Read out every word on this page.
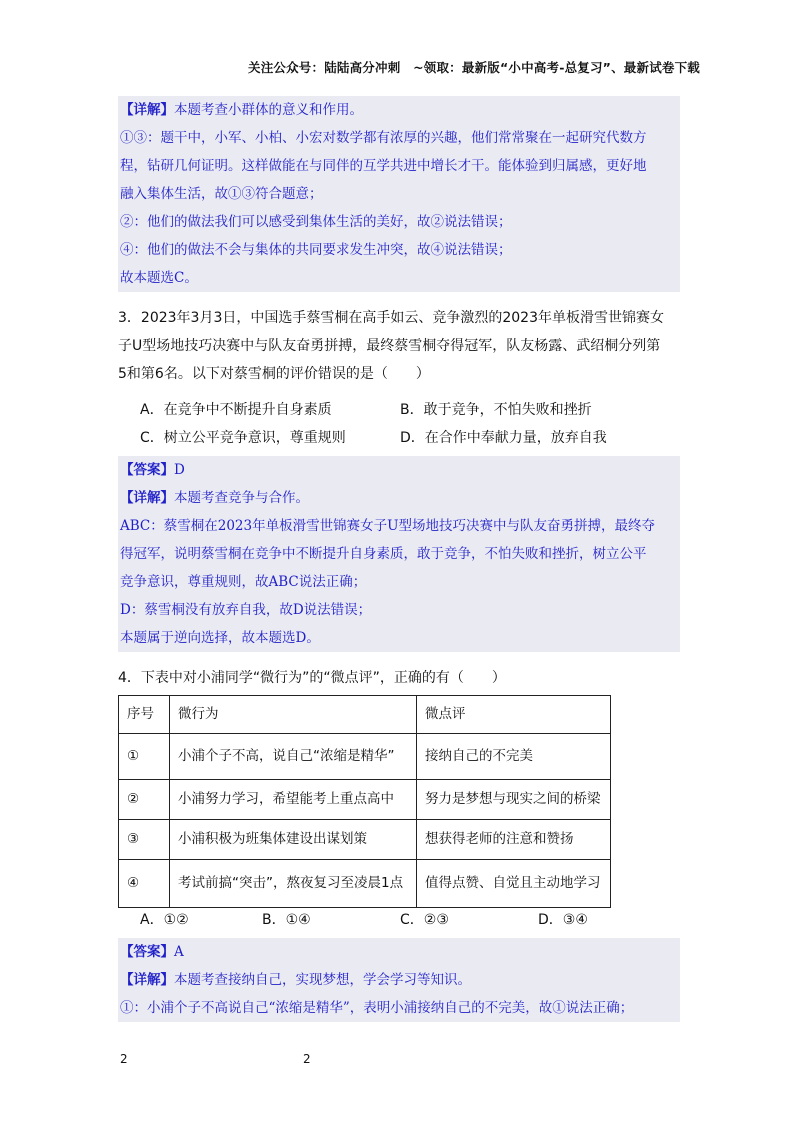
关注公众号：陆陆高分冲刺　~领取：最新版“小中高考-总复习”、最新试卷下载
【详解】本题考查小群体的意义和作用。
①③：题干中，小军、小柏、小宏对数学都有浓厚的兴趣，他们常常聚在一起研究代数方
程，钻研几何证明。这样做能在与同伴的互学共进中增长才干。能体验到归属感，更好地
融入集体生活，故①③符合题意；
②：他们的做法我们可以感受到集体生活的美好，故②说法错误；
④：他们的做法不会与集体的共同要求发生冲突，故④说法错误；
故本题选C。
3．2023年3月3日，中国选手蔡雪桐在高手如云、竞争激烈的2023年单板滑雪世锦赛女
子U型场地技巧决赛中与队友奋勇拼搏，最终蔡雪桐夺得冠军，队友杨露、武绍桐分列第
5和第6名。以下对蔡雪桐的评价错误的是（　　）
A．在竞争中不断提升自身素质	B．敢于竞争，不怕失败和挫折
C．树立公平竞争意识，尊重规则	D．在合作中奉献力量，放弃自我
【答案】D
【详解】本题考查竞争与合作。
ABC：蔡雪桐在2023年单板滑雪世锦赛女子U型场地技巧决赛中与队友奋勇拼搏，最终夺
得冠军，说明蔡雪桐在竞争中不断提升自身素质，敢于竞争，不怕失败和挫折，树立公平
竞争意识，尊重规则，故ABC说法正确；
D：蔡雪桐没有放弃自我，故D说法错误；
本题属于逆向选择，故本题选D。
4．下表中对小浦同学“微行为”的“微点评”，正确的有（　　）
序号	微行为	微点评
①	小浦个子不高，说自己“浓缩是精华”	接纳自己的不完美
②	小浦努力学习，希望能考上重点高中	努力是梦想与现实之间的桥梁
③	小浦积极为班集体建设出谋划策	想获得老师的注意和赞扬
④	考试前搞“突击”，熬夜复习至凌晨1点	值得点赞、自觉且主动地学习
A．①②	B．①④	C．②③	D．③④
【答案】A
【详解】本题考查接纳自己，实现梦想，学会学习等知识。
①：小浦个子不高说自己“浓缩是精华”，表明小浦接纳自己的不完美，故①说法正确；
2	2
